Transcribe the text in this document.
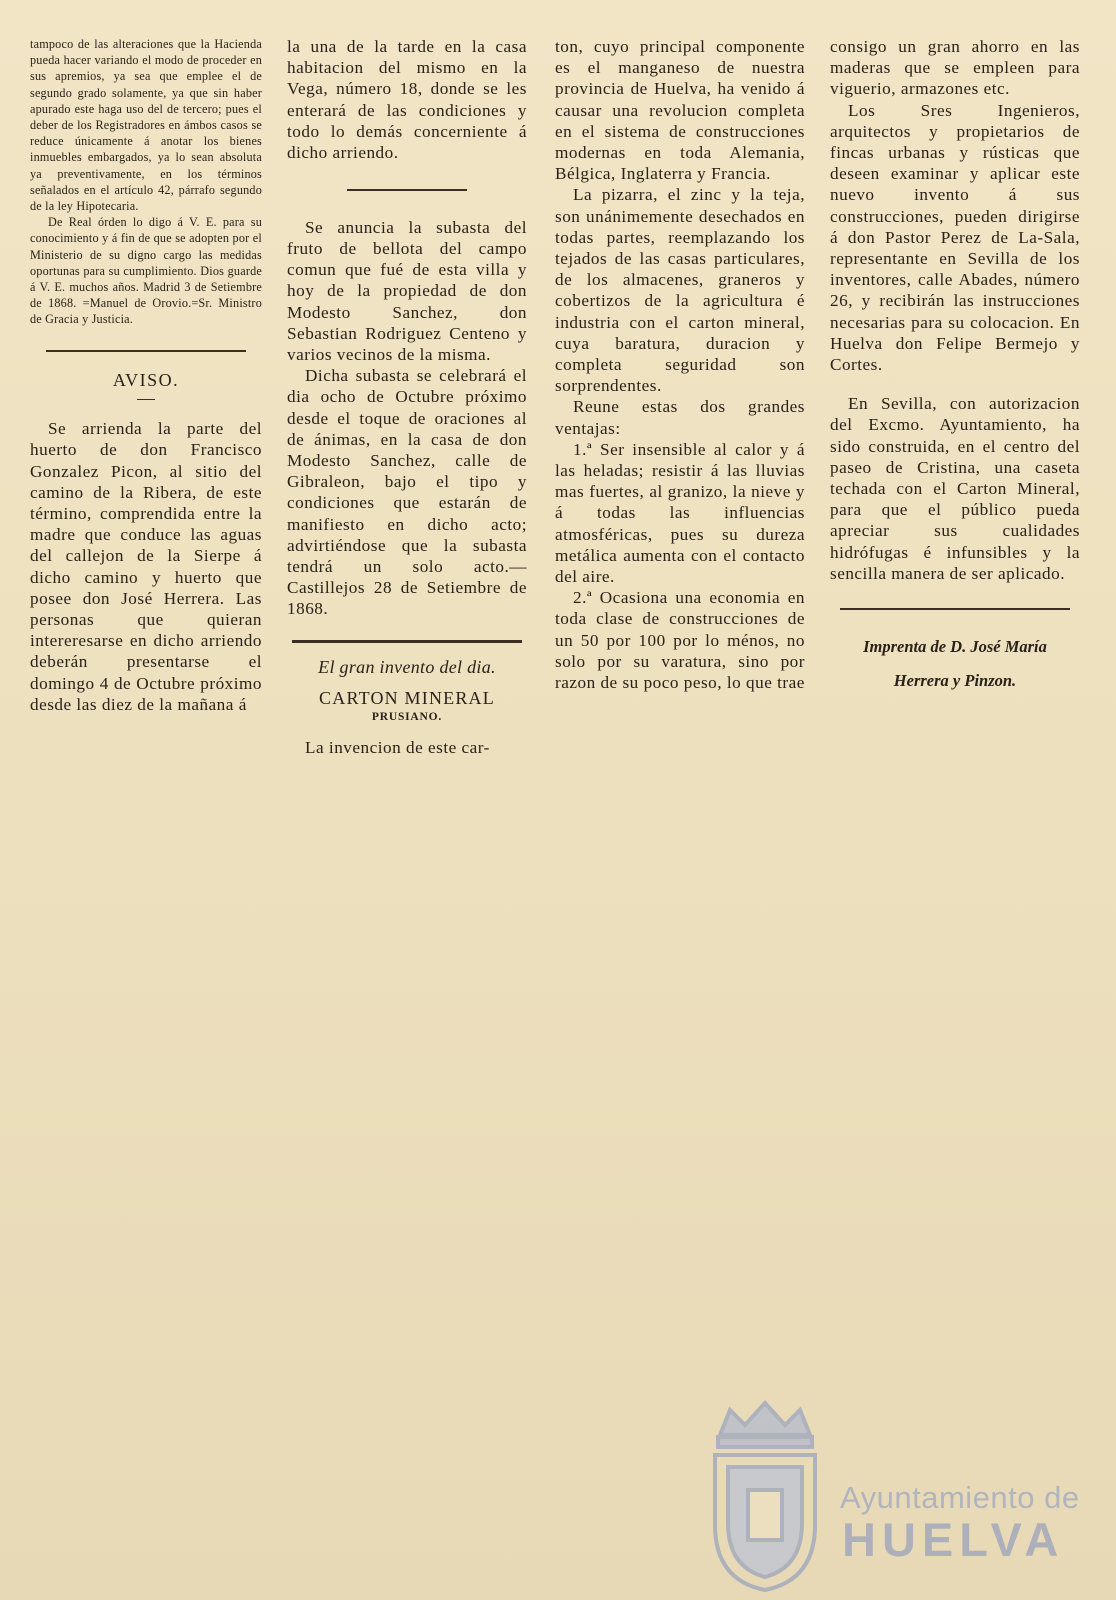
tampoco de las alteraciones que la Hacienda pueda hacer variando el modo de proceder en sus apremios, ya sea que emplee el de segundo grado solamente, ya que sin haber apurado este haga uso del de tercero; pues el deber de los Registradores en ámbos casos se reduce únicamente á anotar los bienes inmuebles embargados, ya lo sean absoluta ya preventivamente, en los términos señalados en el artículo 42, párrafo segundo de la ley Hipotecaria.

De Real órden lo digo á V. E. para su conocimiento y á fin de que se adopten por el Ministerio de su digno cargo las medidas oportunas para su cumplimiento. Dios guarde á V. E. muchos años. Madrid 3 de Setiembre de 1868. =Manuel de Orovio.=Sr. Ministro de Gracia y Justicia.

AVISO.

Se arrienda la parte del huerto de don Francisco Gonzalez Picon, al sitio del camino de la Ribera, de este término, comprendida entre la madre que conduce las aguas del callejon de la Sierpe á dicho camino y huerto que posee don José Herrera. Las personas que quieran intereresarse en dicho arriendo deberán presentarse el domingo 4 de Octubre próximo desde las diez de la mañana á

la una de la tarde en la casa habitacion del mismo en la Vega, número 18, donde se les enterará de las condiciones y todo lo demás concerniente á dicho arriendo.

Se anuncia la subasta del fruto de bellota del campo comun que fué de esta villa y hoy de la propiedad de don Modesto Sanchez, don Sebastian Rodriguez Centeno y varios vecinos de la misma.

Dicha subasta se celebrará el dia ocho de Octubre próximo desde el toque de oraciones al de ánimas, en la casa de don Modesto Sanchez, calle de Gibraleon, bajo el tipo y condiciones que estarán de manifiesto en dicho acto; advirtiéndose que la subasta tendrá un solo acto.—Castillejos 28 de Setiembre de 1868.

El gran invento del dia.
CARTON MINERAL
PRUSIANO.

La invencion de este car-

ton, cuyo principal componente es el manganeso de nuestra provincia de Huelva, ha venido á causar una revolucion completa en el sistema de construcciones modernas en toda Alemania, Bélgica, Inglaterra y Francia.

La pizarra, el zinc y la teja, son unánimemente desechados en todas partes, reemplazando los tejados de las casas particulares, de los almacenes, graneros y cobertizos de la agricultura é industria con el carton mineral, cuya baratura, duracion y completa seguridad son sorprendentes.

Reune estas dos grandes ventajas:

1.ª Ser insensible al calor y á las heladas; resistir á las lluvias mas fuertes, al granizo, la nieve y á todas las influencias atmosféricas, pues su dureza metálica aumenta con el contacto del aire.

2.ª Ocasiona una economia en toda clase de construcciones de un 50 por 100 por lo ménos, no solo por su varatura, sino por razon de su poco peso, lo que trae

consigo un gran ahorro en las maderas que se empleen para viguerio, armazones etc.

Los Sres Ingenieros, arquitectos y propietarios de fincas urbanas y rústicas que deseen examinar y aplicar este nuevo invento á sus construcciones, pueden dirigirse á don Pastor Perez de La-Sala, representante en Sevilla de los inventores, calle Abades, número 26, y recibirán las instrucciones necesarias para su colocacion. En Huelva don Felipe Bermejo y Cortes.

En Sevilla, con autorizacion del Excmo. Ayuntamiento, ha sido construida, en el centro del paseo de Cristina, una caseta techada con el Carton Mineral, para que el público pueda apreciar sus cualidades hidrófugas é infunsibles y la sencilla manera de ser aplicado.

Imprenta de D. José María
Herrera y Pinzon.
Ayuntamiento de
HUELVA
